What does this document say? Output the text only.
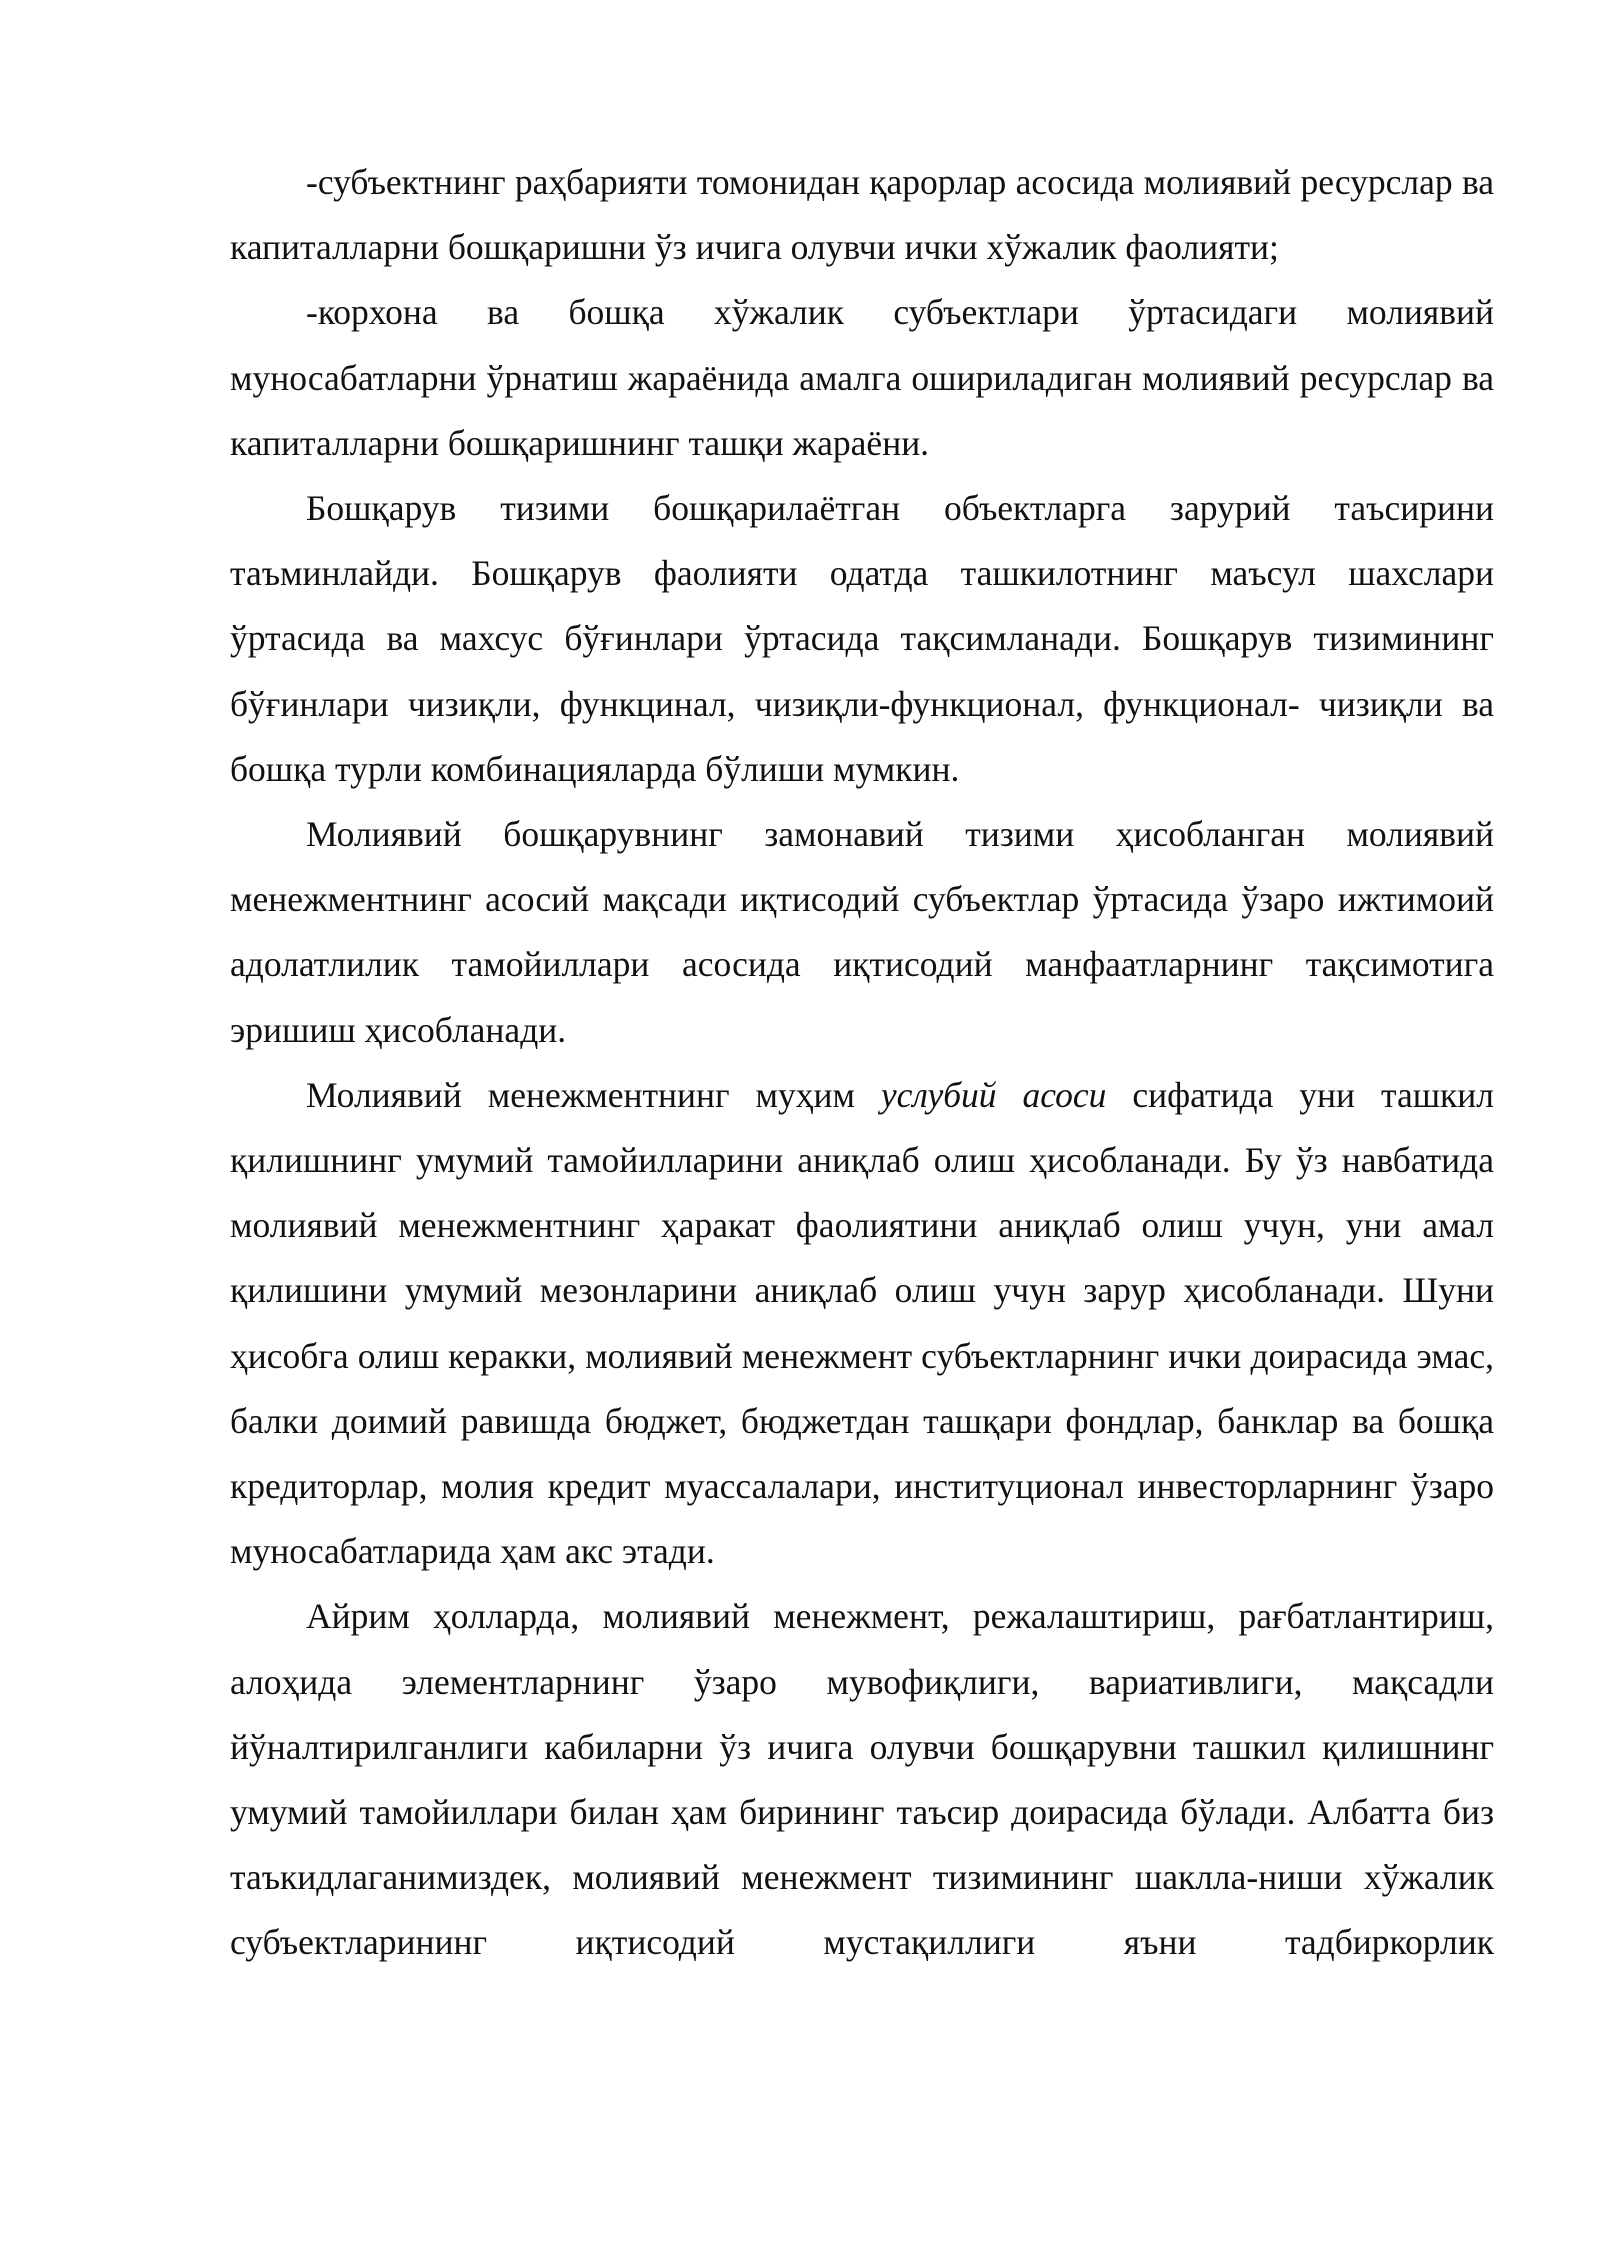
-субъектнинг раҳбарияти томонидан қарорлар асосида молиявий ресурслар ва капиталларни бошқаришни ўз ичига олувчи ички хўжалик фаолияти;

-корхона ва бошқа хўжалик субъектлари ўртасидаги молиявий муносабатларни ўрнатиш жараёнида амалга ошириладиган молиявий ресурслар ва капиталларни бошқаришнинг ташқи жараёни.

Бошқарув тизими бошқарилаётган объектларга зарурий таъсирини таъминлайди. Бошқарув фаолияти одатда ташкилотнинг маъсул шахслари ўртасида ва махсус бўғинлари ўртасида тақсимланади. Бошқарув тизимининг бўғинлари чизиқли, функцинал, чизиқли-функционал, функционал- чизиқли ва бошқа турли комбинацияларда бўлиши мумкин.

Молиявий бошқарувнинг замонавий тизими ҳисобланган молиявий менежментнинг асосий мақсади иқтисодий субъектлар ўртасида ўзаро ижтимоий адолатлилик тамойиллари асосида иқтисодий манфаатларнинг тақсимотига эришиш ҳисобланади.

Молиявий менежментнинг муҳим услубий асоси сифатида уни ташкил қилишнинг умумий тамойилларини аниқлаб олиш ҳисобланади. Бу ўз навбатида молиявий менежментнинг ҳаракат фаолиятини аниқлаб олиш учун, уни амал қилишини умумий мезонларини аниқлаб олиш учун зарур ҳисобланади. Шуни ҳисобга олиш керакки, молиявий менежмент субъектларнинг ички доирасида эмас, балки доимий равишда бюджет, бюджетдан ташқари фондлар, банклар ва бошқа кредиторлар, молия кредит муассалалари, институционал инвесторларнинг ўзаро муносабатларида ҳам акс этади.

Айрим ҳолларда, молиявий менежмент, режалаштириш, рағбатлантириш, алоҳида элементларнинг ўзаро мувофиқлиги, вариативлиги, мақсадли йўналтирилганлиги кабиларни ўз ичига олувчи бошқарувни ташкил қилишнинг умумий тамойиллари билан ҳам бирининг таъсир доирасида бўлади. Албатта биз таъкидлаганимиздек, молиявий менежмент тизимининг шаклла-ниши хўжалик субъектларининг иқтисодий мустақиллиги яъни тадбиркорлик
